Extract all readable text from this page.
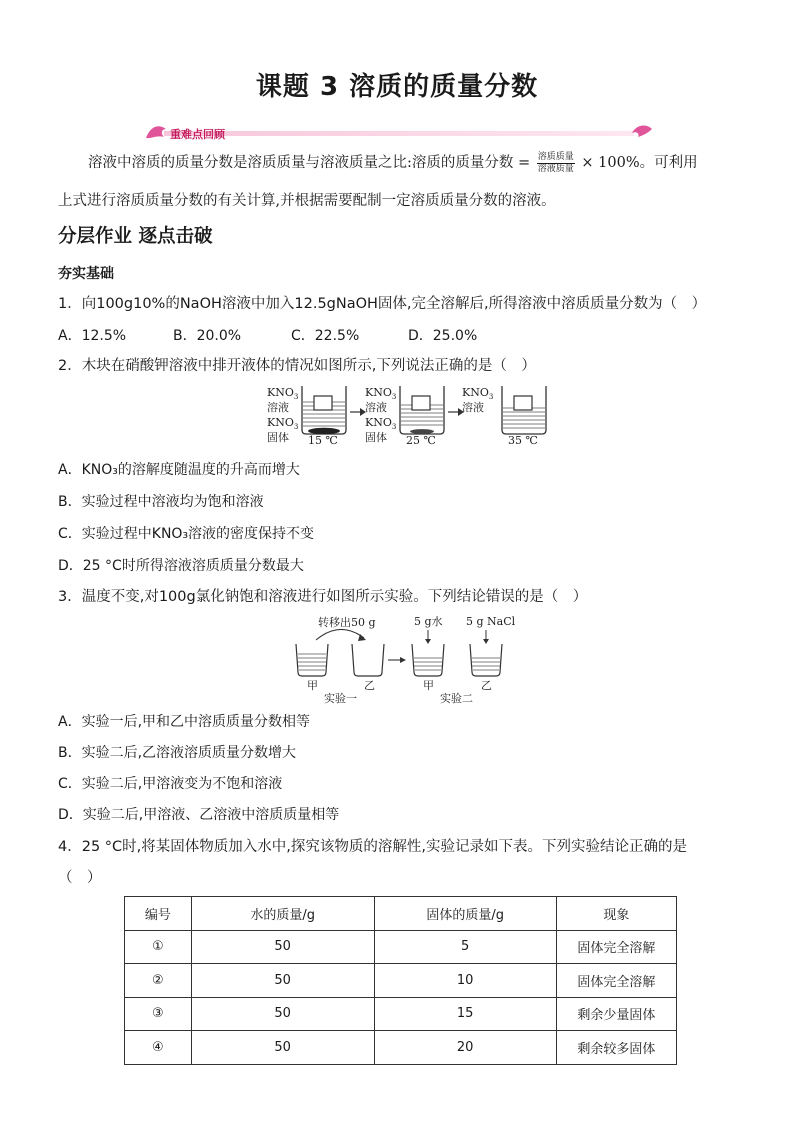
课题 3 溶质的质量分数
重难点回顾
溶液中溶质的质量分数是溶质质量与溶液质量之比:溶质的质量分数 = $\frac{\text{溶质质量}}{\text{溶液质量}} \times 100\%$。可利用
上式进行溶质质量分数的有关计算,并根据需要配制一定溶质质量分数的溶液。
分层作业 逐点击破
夯实基础
1．向100g10%的NaOH溶液中加入12.5gNaOH固体,完全溶解后,所得溶液中溶质质量分数为（　）
A．12.5%	B．20.0%	C．22.5%	D．25.0%
2．木块在硝酸钾溶液中排开液体的情况如图所示,下列说法正确的是（　）
$KNO_3$
溶液
$KNO_3$
固体
$KNO_3$
溶液
$KNO_3$
固体
$KNO_3$
溶液
15 ℃	25 ℃	35 ℃
A．KNO₃的溶解度随温度的升高而增大
B．实验过程中溶液均为饱和溶液
C．实验过程中KNO₃溶液的密度保持不变
D．25 °C时所得溶液溶质质量分数最大
3．温度不变,对100g氯化钠饱和溶液进行如图所示实验。下列结论错误的是（　）
转移出50 g	5 g水 5 g NaCl
甲	乙	甲	乙
实验一	实验二
A．实验一后,甲和乙中溶质质量分数相等
B．实验二后,乙溶液溶质质量分数增大
C．实验二后,甲溶液变为不饱和溶液
D．实验二后,甲溶液、乙溶液中溶质质量相等
4．25 °C时,将某固体物质加入水中,探究该物质的溶解性,实验记录如下表。下列实验结论正确的是
（　）
编号	水的质量/g	固体的质量/g	现象
①	50	5	固体完全溶解
②	50	10	固体完全溶解
③	50	15	剩余少量固体
④	50	20	剩余较多固体
